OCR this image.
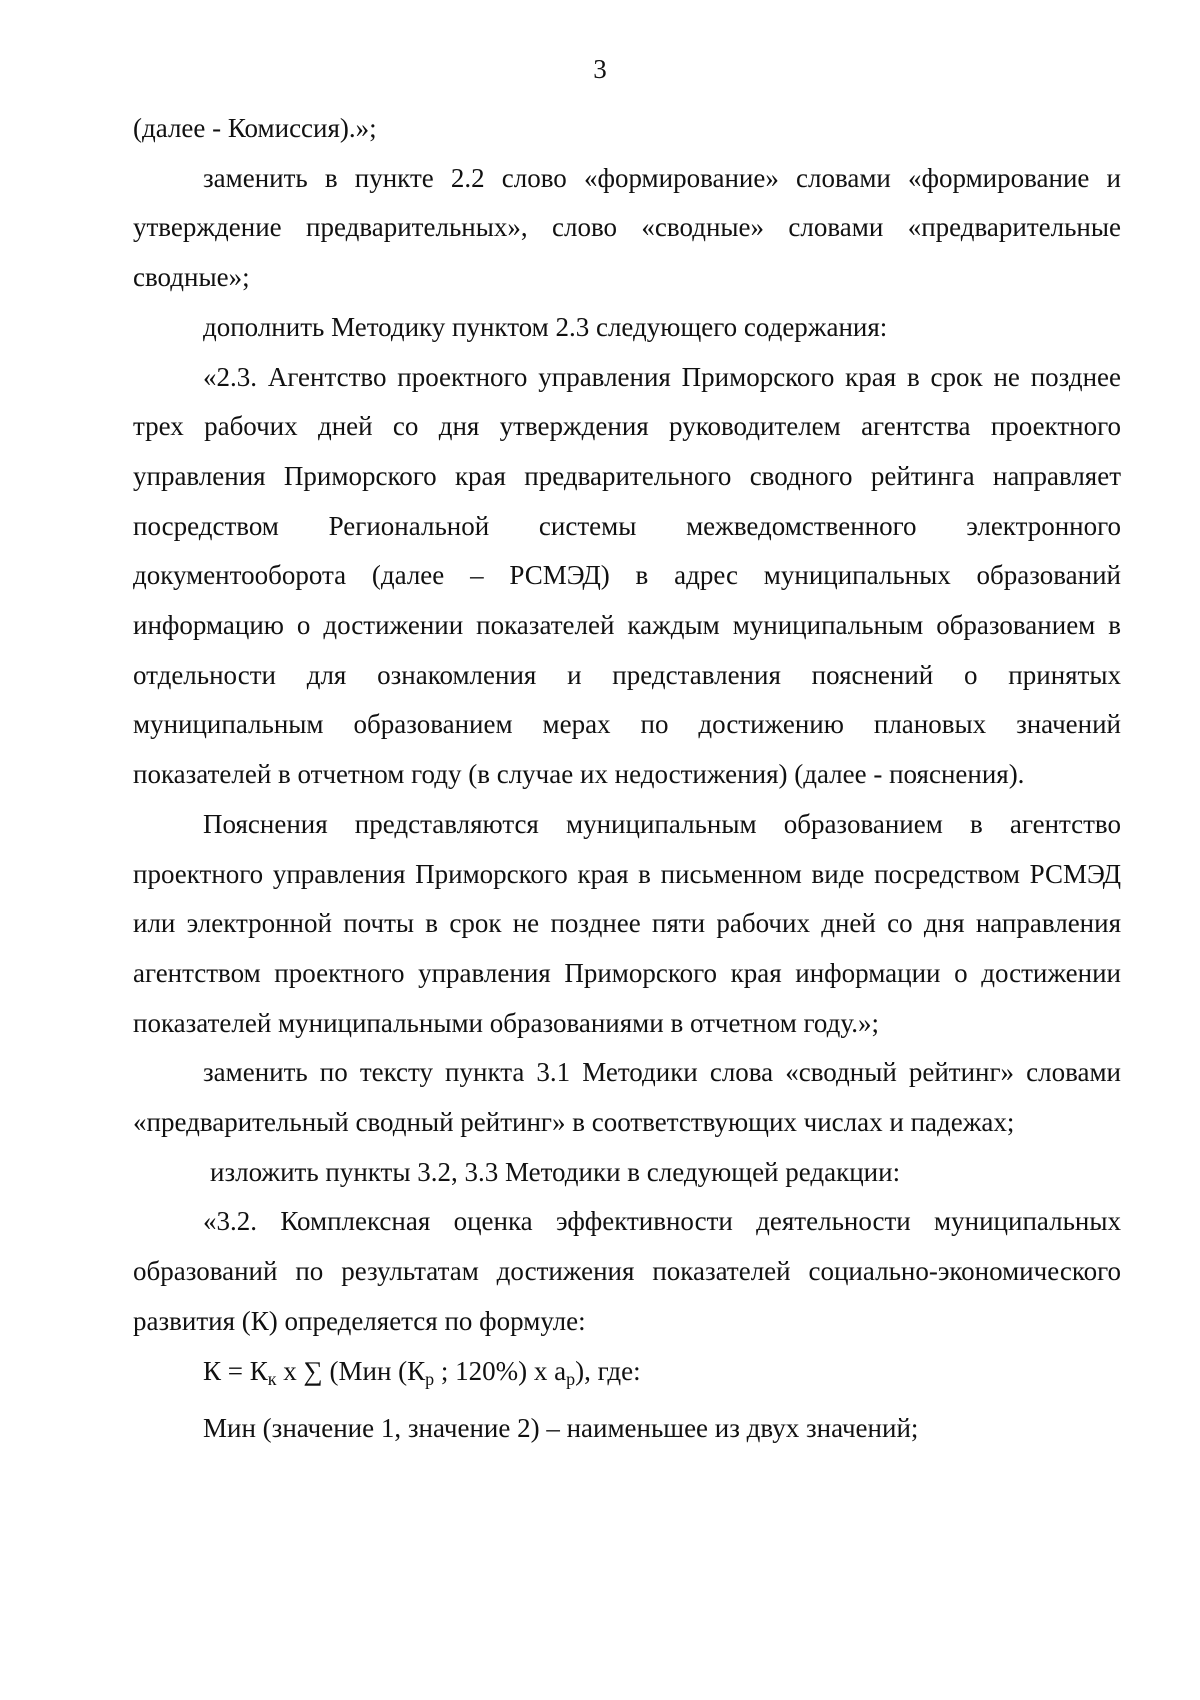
3

(далее - Комиссия).»;

заменить в пункте 2.2 слово «формирование» словами «формирование и утверждение предварительных», слово «сводные» словами «предварительные сводные»;

дополнить Методику пунктом 2.3 следующего содержания:

«2.3. Агентство проектного управления Приморского края в срок не позднее трех рабочих дней со дня утверждения руководителем агентства проектного управления Приморского края предварительного сводного рейтинга направляет посредством Региональной системы межведомственного электронного документооборота (далее – РСМЭД) в адрес муниципальных образований информацию о достижении показателей каждым муниципальным образованием в отдельности для ознакомления и представления пояснений о принятых муниципальным образованием мерах по достижению плановых значений показателей в отчетном году (в случае их недостижения) (далее - пояснения).

Пояснения представляются муниципальным образованием в агентство проектного управления Приморского края в письменном виде посредством РСМЭД или электронной почты в срок не позднее пяти рабочих дней со дня направления агентством проектного управления Приморского края информации о достижении показателей муниципальными образованиями в отчетном году.»;

заменить по тексту пункта 3.1 Методики слова «сводный рейтинг» словами «предварительный сводный рейтинг» в соответствующих числах и падежах;

изложить пункты 3.2, 3.3 Методики в следующей редакции:

«3.2. Комплексная оценка эффективности деятельности муниципальных образований по результатам достижения показателей социально-экономического развития (К) определяется по формуле:

$К = К_к$ x ∑ (Мин ($К_р$ ; 120%) x $a_р$), где:

Мин (значение 1, значение 2) – наименьшее из двух значений;
